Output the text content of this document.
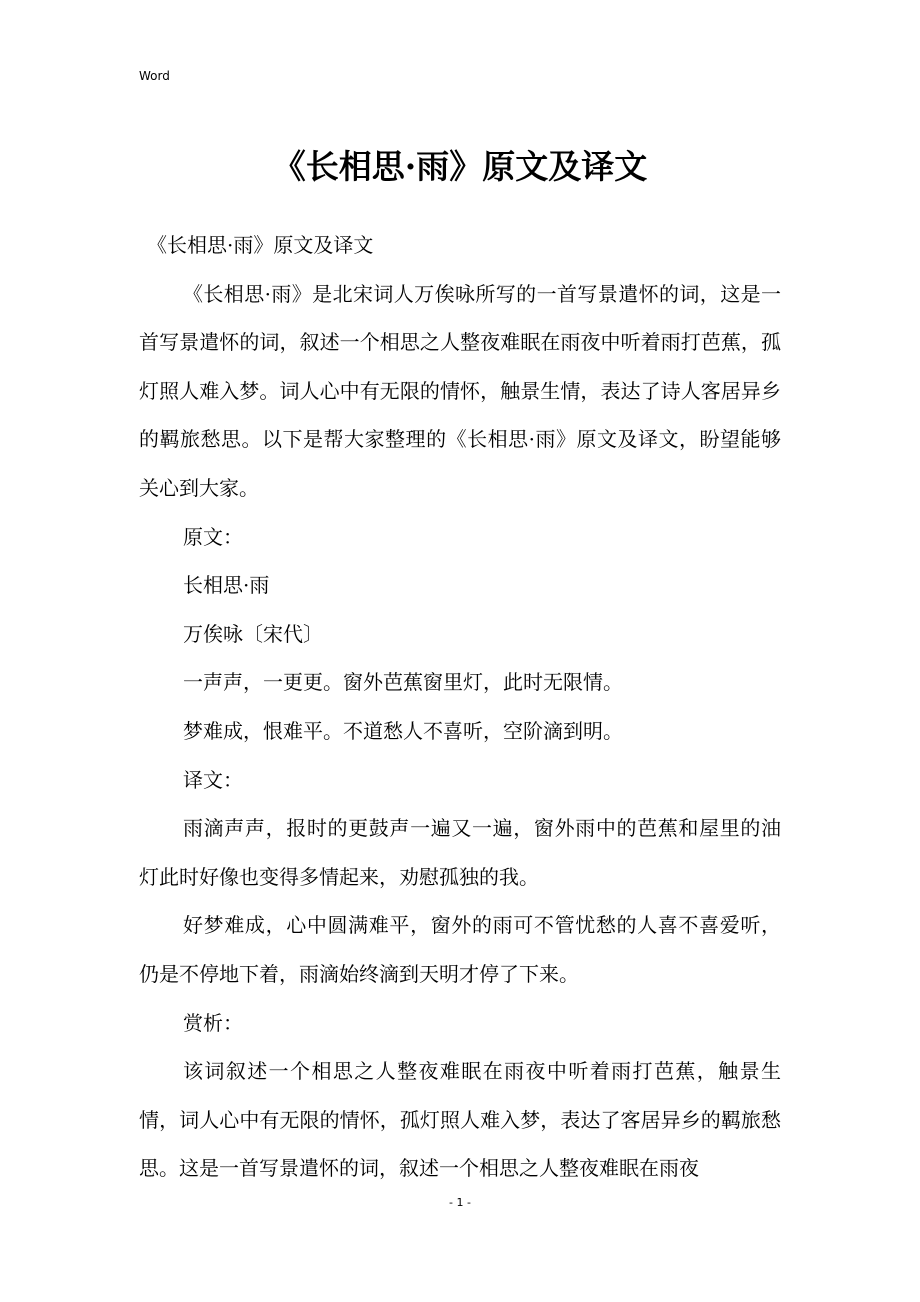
Word
《长相思·雨》原文及译文

《长相思·雨》原文及译文

《长相思·雨》是北宋词人万俟咏所写的一首写景遣怀的词，这是一首写景遣怀的词，叙述一个相思之人整夜难眠在雨夜中听着雨打芭蕉，孤灯照人难入梦。词人心中有无限的情怀，触景生情，表达了诗人客居异乡的羁旅愁思。以下是帮大家整理的《长相思·雨》原文及译文，盼望能够关心到大家。

原文：

长相思·雨

万俟咏〔宋代〕

一声声，一更更。窗外芭蕉窗里灯，此时无限情。

梦难成，恨难平。不道愁人不喜听，空阶滴到明。

译文：

雨滴声声，报时的更鼓声一遍又一遍，窗外雨中的芭蕉和屋里的油灯此时好像也变得多情起来，劝慰孤独的我。

好梦难成，心中圆满难平，窗外的雨可不管忧愁的人喜不喜爱听，仍是不停地下着，雨滴始终滴到天明才停了下来。

赏析：

该词叙述一个相思之人整夜难眠在雨夜中听着雨打芭蕉，触景生情，词人心中有无限的情怀，孤灯照人难入梦，表达了客居异乡的羁旅愁思。这是一首写景遣怀的词，叙述一个相思之人整夜难眠在雨夜

- 1 -
